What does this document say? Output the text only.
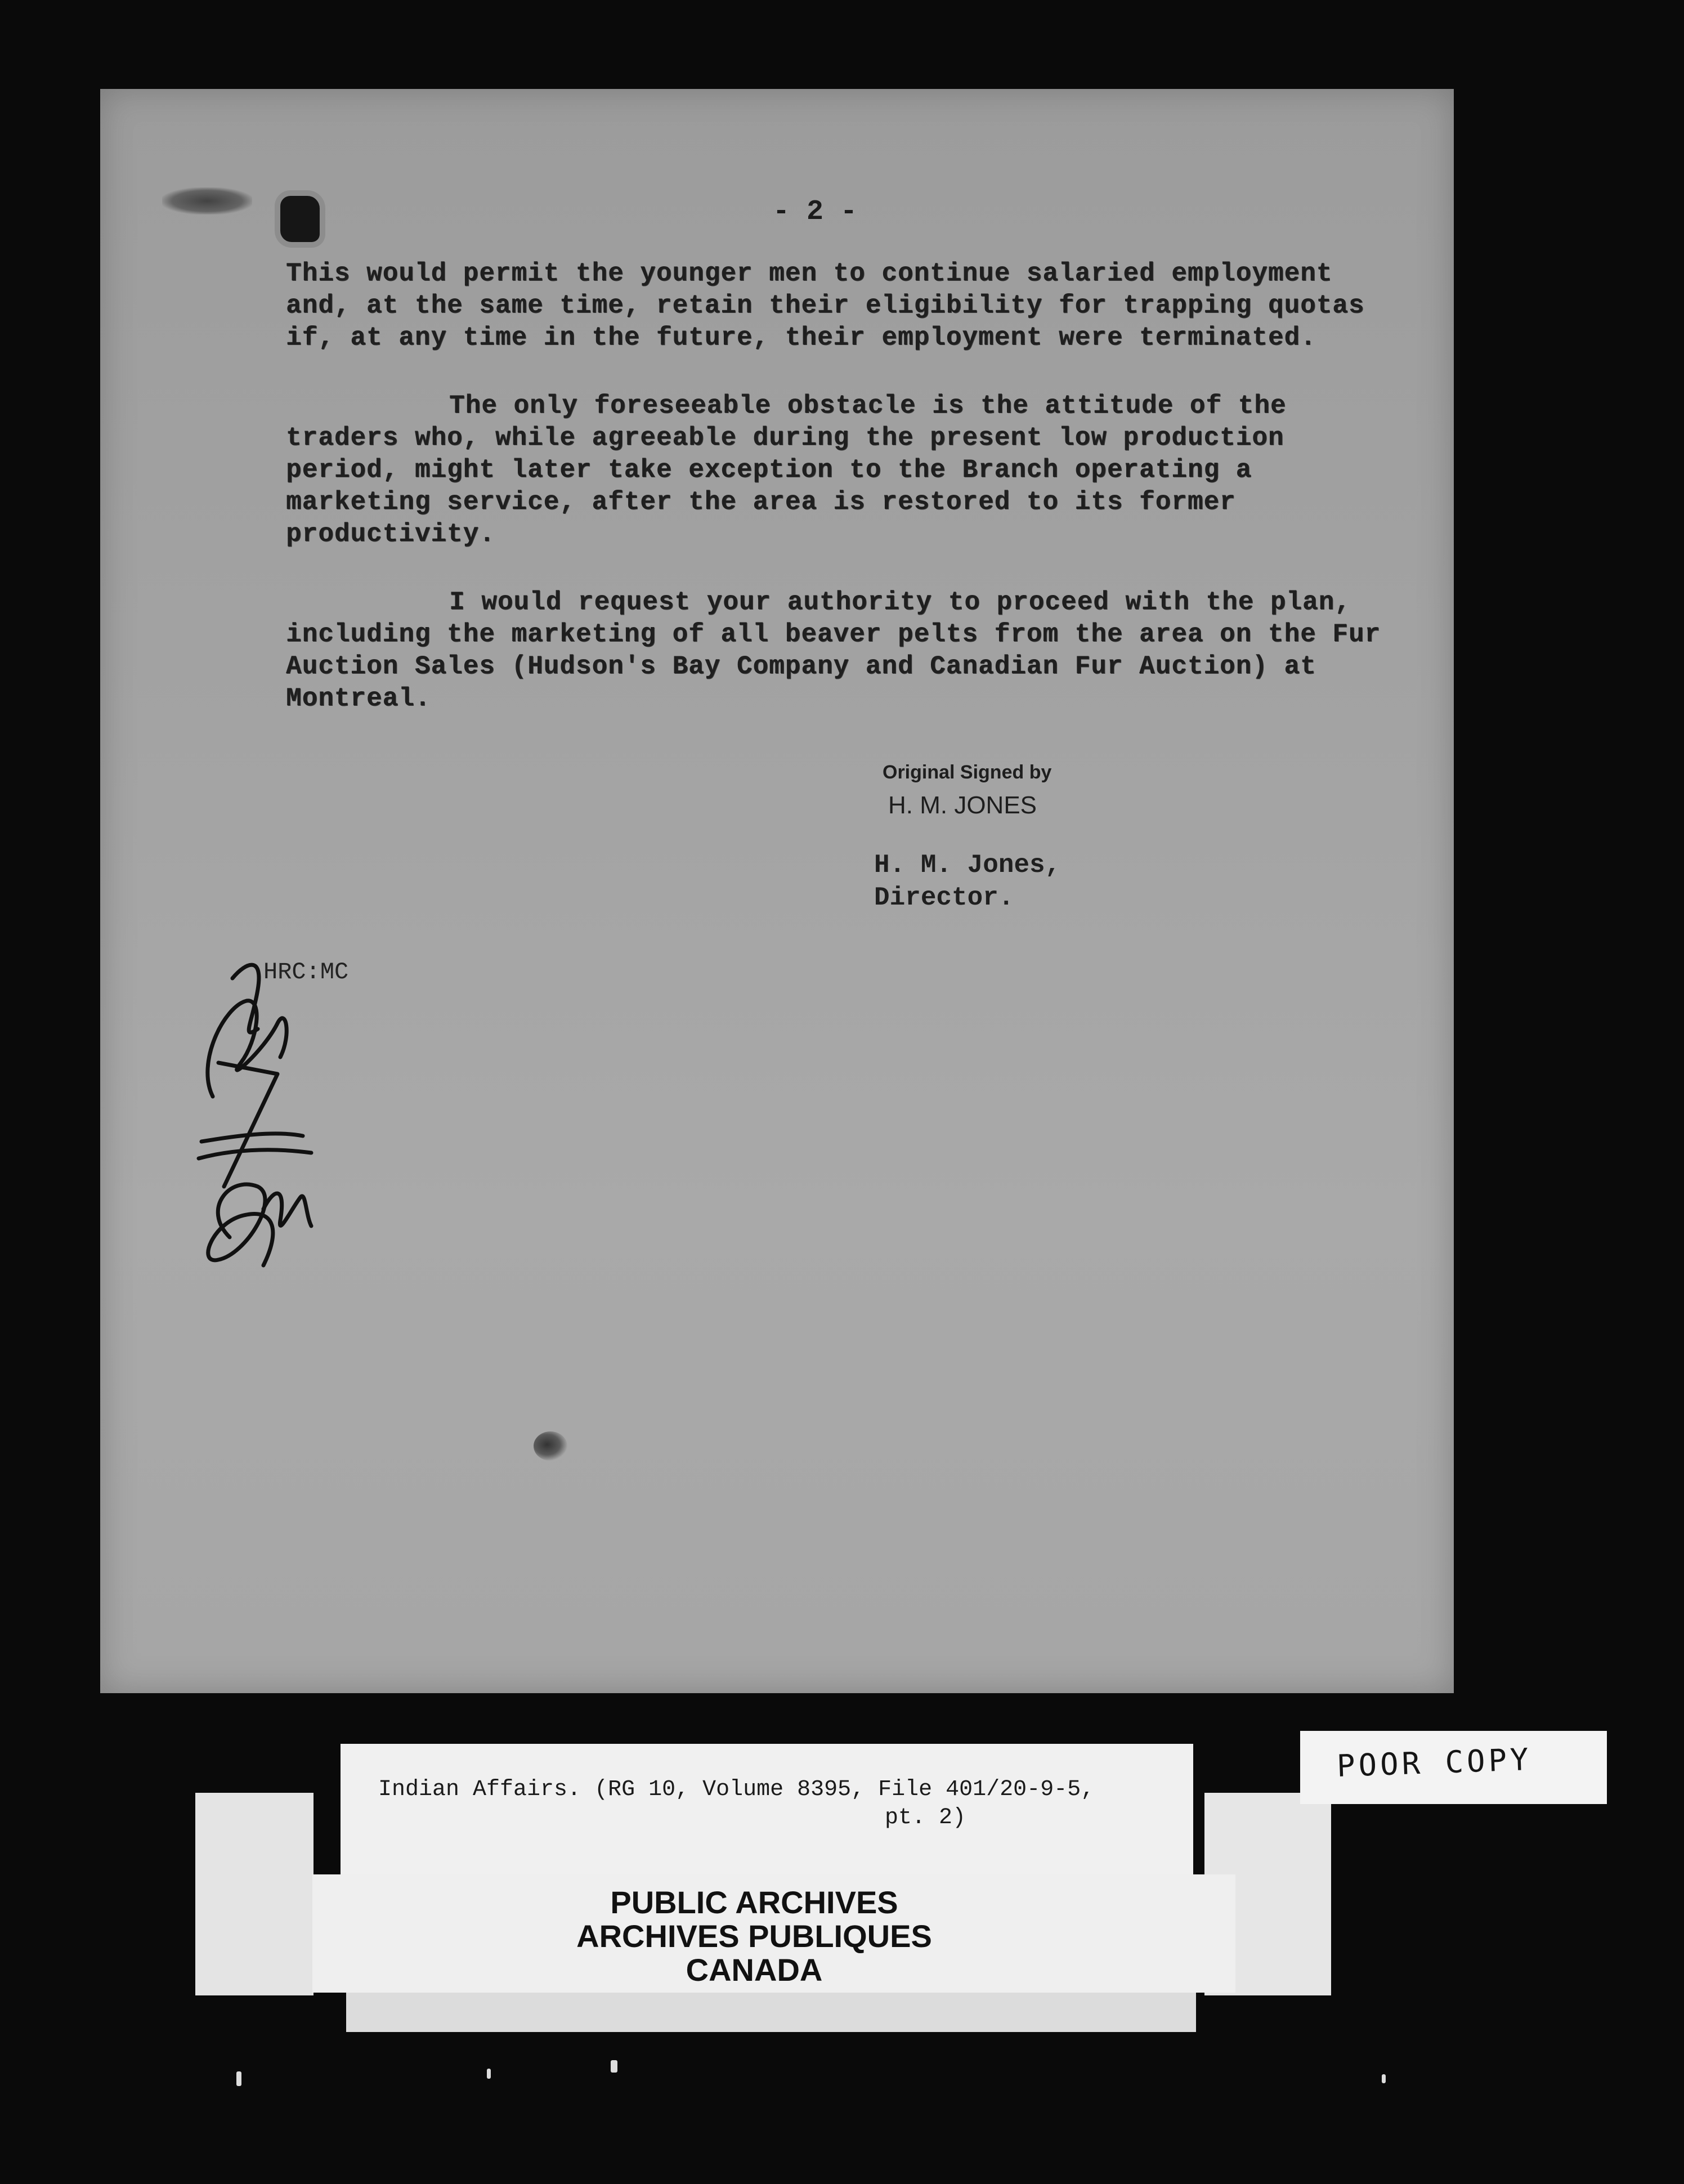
- 2 -

This would permit the younger men to continue salaried employment and, at the same time, retain their eligibility for trapping quotas if, at any time in the future, their employment were terminated.

The only foreseeable obstacle is the attitude of the traders who, while agreeable during the present low production period, might later take exception to the Branch operating a marketing service, after the area is restored to its former productivity.

I would request your authority to proceed with the plan, including the marketing of all beaver pelts from the area on the Fur Auction Sales (Hudson's Bay Company and Canadian Fur Auction) at Montreal.

Original Signed by
H. M. JONES
H. M. Jones,
Director.
HRC:MC
Indian Affairs. (RG 10, Volume 8395, File 401/20-9-5,
pt. 2)
PUBLIC ARCHIVES
ARCHIVES PUBLIQUES
CANADA
POOR COPY
